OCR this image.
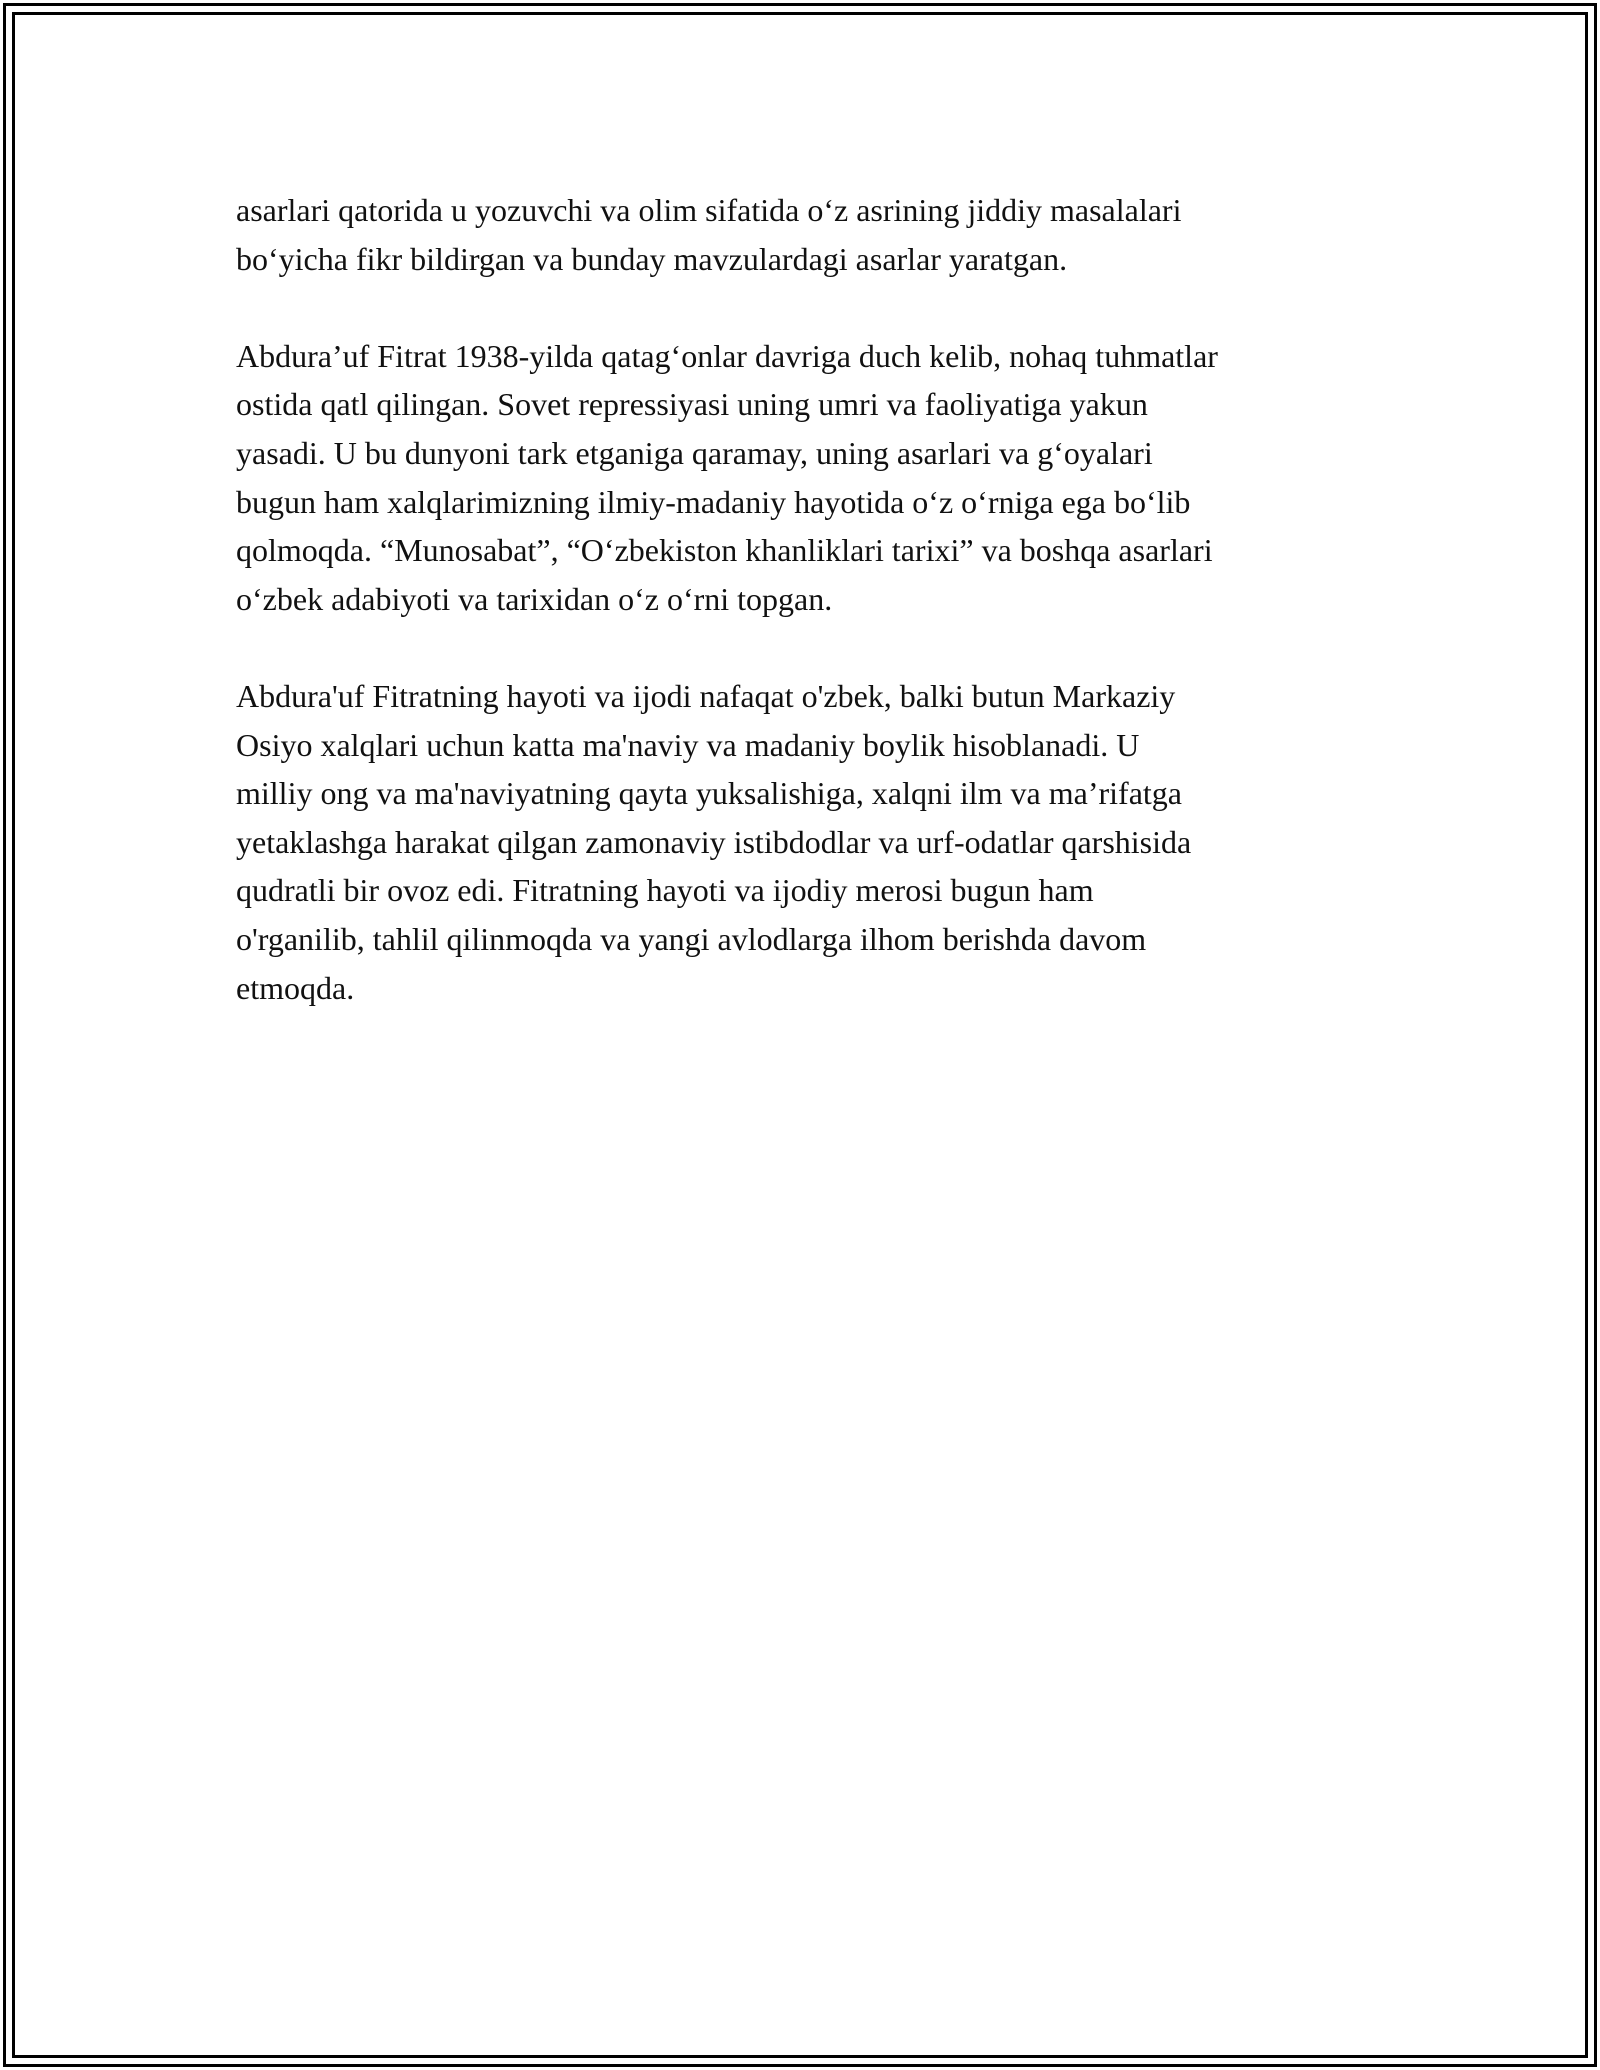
asarlari qatorida u yozuvchi va olim sifatida o‘z asrining jiddiy masalalari
bo‘yicha fikr bildirgan va bunday mavzulardagi asarlar yaratgan.

Abdura’uf Fitrat 1938-yilda qatag‘onlar davriga duch kelib, nohaq tuhmatlar
ostida qatl qilingan. Sovet repressiyasi uning umri va faoliyatiga yakun
yasadi. U bu dunyoni tark etganiga qaramay, uning asarlari va g‘oyalari
bugun ham xalqlarimizning ilmiy-madaniy hayotida o‘z o‘rniga ega bo‘lib
qolmoqda. “Munosabat”, “O‘zbekiston khanliklari tarixi” va boshqa asarlari
o‘zbek adabiyoti va tarixidan o‘z o‘rni topgan.

Abdura'uf Fitratning hayoti va ijodi nafaqat o'zbek, balki butun Markaziy
Osiyo xalqlari uchun katta ma'naviy va madaniy boylik hisoblanadi. U
milliy ong va ma'naviyatning qayta yuksalishiga, xalqni ilm va ma’rifatga
yetaklashga harakat qilgan zamonaviy istibdodlar va urf-odatlar qarshisida
qudratli bir ovoz edi. Fitratning hayoti va ijodiy merosi bugun ham
o'rganilib, tahlil qilinmoqda va yangi avlodlarga ilhom berishda davom
etmoqda.
